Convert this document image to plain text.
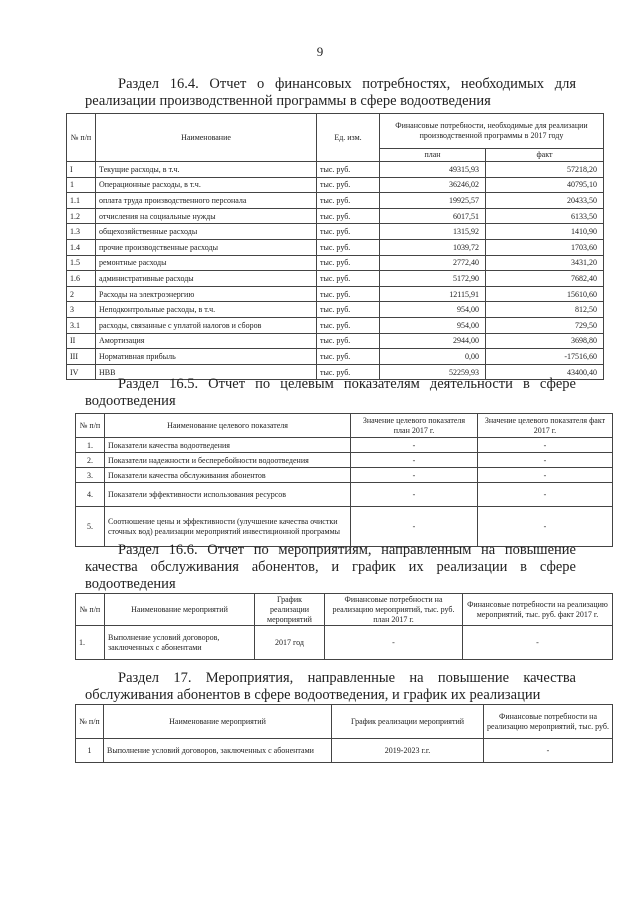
9
Раздел 16.4. Отчет о финансовых потребностях, необходимых для
реализации производственной программы в сфере водоотведения
№ п/п	Наименование	Ед. изм.	Финансовые потребности, необходимые для реализации производственной программы в 2017 году	
			план	факт
I	Текущие расходы, в т.ч.	тыс. руб.	49315,93	57218,20
1	Операционные расходы, в т.ч.	тыс. руб.	36246,02	40795,10
1.1	оплата труда производственного персонала	тыс. руб.	19925,57	20433,50
1.2	отчисления на социальные нужды	тыс. руб.	6017,51	6133,50
1.3	общехозяйственные расходы	тыс. руб.	1315,92	1410,90
1.4	прочие производственные расходы	тыс. руб.	1039,72	1703,60
1.5	ремонтные расходы	тыс. руб.	2772,40	3431,20
1.6	административные расходы	тыс. руб.	5172,90	7682,40
2	Расходы на электроэнергию	тыс. руб.	12115,91	15610,60
3	Неподконтрольные расходы, в т.ч.	тыс. руб.	954,00	812,50
3.1	расходы, связанные с уплатой налогов и сборов	тыс. руб.	954,00	729,50
II	Амортизация	тыс. руб.	2944,00	3698,80
III	Нормативная прибыль	тыс. руб.	0,00	-17516,60
IV	НВВ	тыс. руб.	52259,93	43400,40
Раздел 16.5. Отчет по целевым показателям деятельности в сфере
водоотведения
№ п/п	Наименование целевого показателя	Значение целевого показателя план 2017 г.	Значение целевого показателя факт 2017 г.
1.	Показатели качества водоотведения	-	-
2.	Показатели надежности и бесперебойности водоотведения	-	-
3.	Показатели качества обслуживания абонентов	-	-
4.	Показатели эффективности использования ресурсов	-	-
5.	Соотношение цены и эффективности (улучшение качества очистки сточных вод) реализации мероприятий инвестиционной программы	-	-
Раздел 16.6. Отчет по мероприятиям, направленным на повышение
качества обслуживания абонентов, и график их реализации в сфере
водоотведения
№ п/п	Наименование мероприятий	График реализации мероприятий	Финансовые потребности на реализацию мероприятий, тыс. руб. план 2017 г.	Финансовые потребности на реализацию мероприятий, тыс. руб. факт 2017 г.
1.	Выполнение условий договоров, заключенных с абонентами	2017 год	-	-
Раздел 17. Мероприятия, направленные на повышение качества
обслуживания абонентов в сфере водоотведения, и график их реализации
№ п/п	Наименование мероприятий	График реализации мероприятий	Финансовые потребности на реализацию мероприятий, тыс. руб.
1	Выполнение условий договоров, заключенных с абонентами	2019-2023 г.г.	-
